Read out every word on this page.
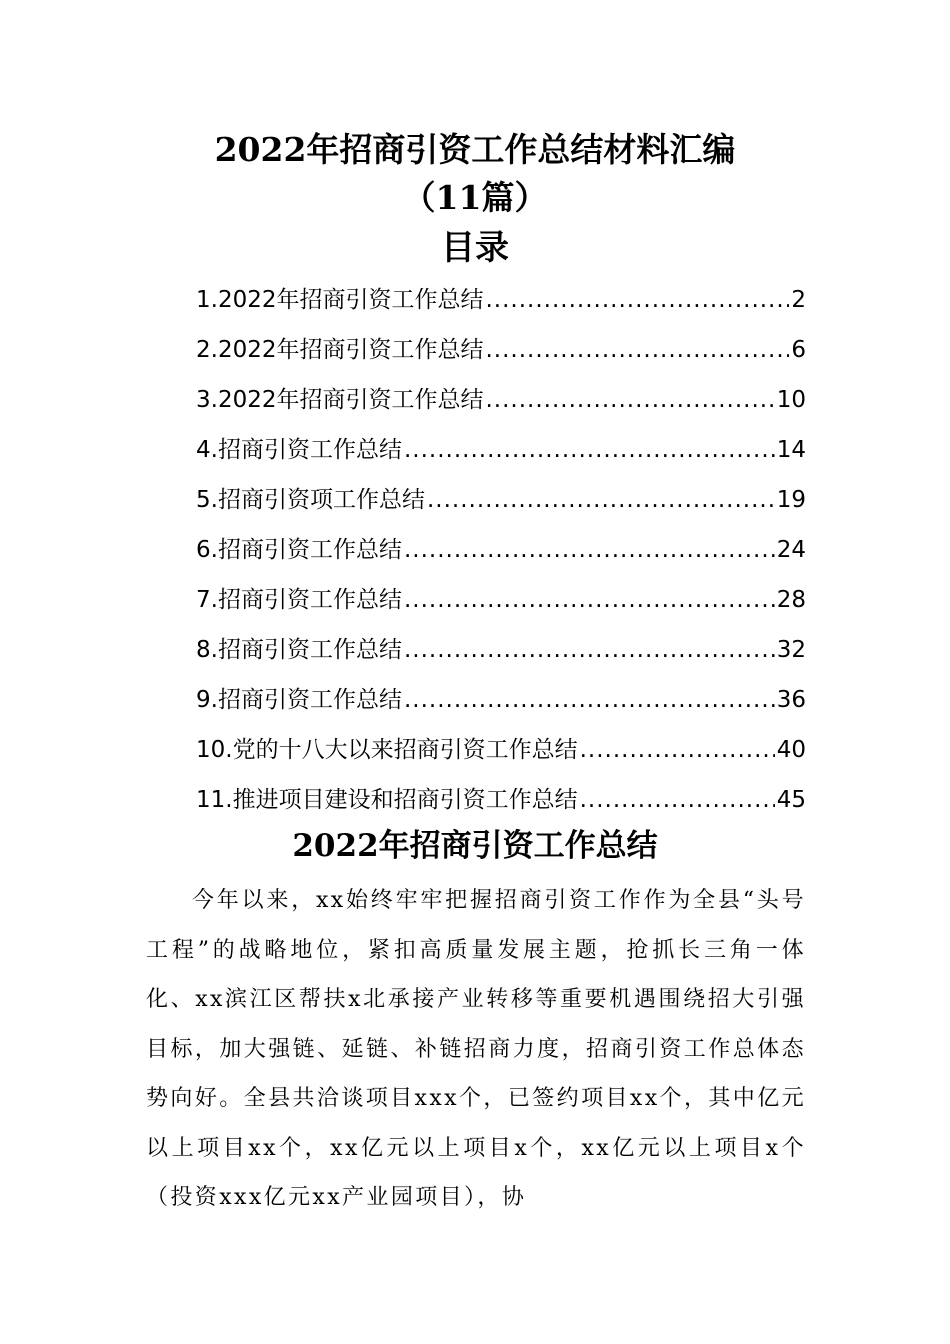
2022年招商引资工作总结材料汇编
（11篇）
目录
1.2022年招商引资工作总结 .....	2
2.2022年招商引资工作总结 .....	6
3.2022年招商引资工作总结 .....	10
4.招商引资工作总结 .....	14
5.招商引资项工作总结 .....	19
6.招商引资工作总结 .....	24
7.招商引资工作总结 .....	28
8.招商引资工作总结 .....	32
9.招商引资工作总结 .....	36
10.党的十八大以来招商引资工作总结 .....	40
11.推进项目建设和招商引资工作总结 .....	45
2022年招商引资工作总结

今年以来，xx始终牢牢把握招商引资工作作为全县“头号工程”的战略地位，紧扣高质量发展主题，抢抓长三角一体化、xx滨江区帮扶x北承接产业转移等重要机遇围绕招大引强目标，加大强链、延链、补链招商力度，招商引资工作总体态势向好。全县共洽谈项目xxx个，已签约项目xx个，其中亿元以上项目xx个，xx亿元以上项目x个，xx亿元以上项目x个（投资xxx亿元xx产业园项目），协
